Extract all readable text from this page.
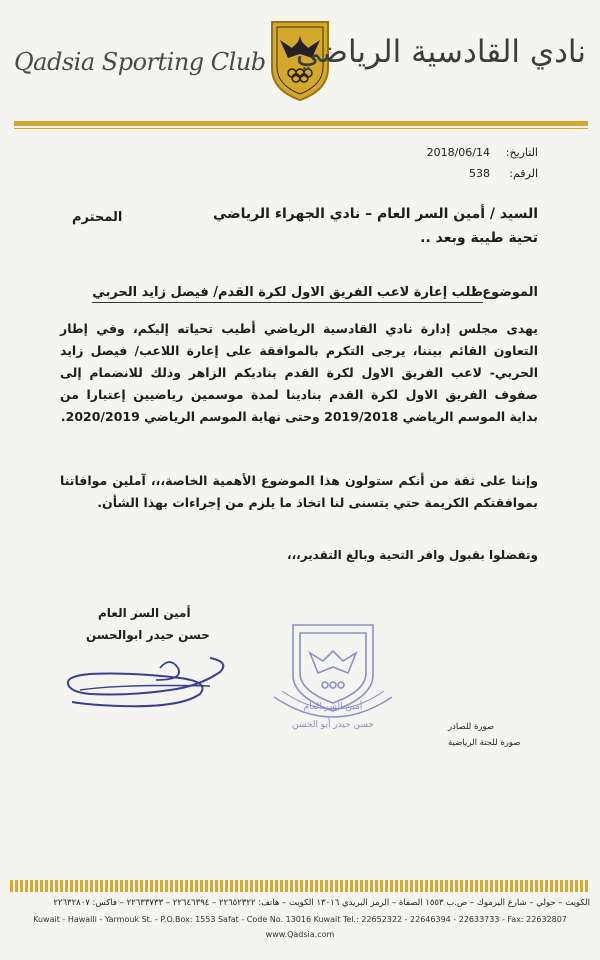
Qadsia Sporting Club نادي القادسية الرياضي
التاريخ:
2018/06/14
الرقم:
538
السيد / أمين السر العام – نادي الجهراء الرياضي
المحترم
تحية طيبة وبعد ..
الموضوع :
طلب إعارة لاعب الفريق الاول لكرة القدم/ فيصل زايد الحربي
يهدى مجلس إدارة نادي القادسية الرياضي أطيب تحياته إليكم، وفي إطار التعاون القائم بيننا، يرجى التكرم بالموافقة على إعارة اللاعب/ فيصل زايد الحربي- لاعب الفريق الاول لكرة القدم بناديكم الزاهر وذلك للانضمام إلى صفوف الفريق الاول لكرة القدم بنادينا لمدة موسمين رياضيين إعتبارا من بداية الموسم الرياضي 2019/2018 وحتى نهاية الموسم الرياضي 2020/2019.
وإننا على ثقة من أنكم ستولون هذا الموضوع الأهمية الخاصة،،، آملين موافاتنا بموافقتكم الكريمة حتي يتسنى لنا اتخاذ ما يلزم من إجراءات بهذا الشأن.
وتفضلوا بقبول وافر التحية وبالغ التقدير،،،
أمين السر العام
حسن حيدر ابوالحسن
أمين السر العام
حسن حيدر أبو الحسن	صورة للصادر
صورة للجنة الرياضية
الكويت – حولي – شارع اليرموك – ص.ب ١٥٥٣ الصفاة – الرمز البريدي ١٣٠١٦ الكويت – هاتف: ٢٢٦٥٢٣٢٢ – ٢٢٦٤٦٣٩٤ – ٢٢٦٣٣٧٣٣ – فاكس: ٢٢٦٣٢٨٠٧
Kuwait - Hawalli - Yarmouk St. - P.O.Box: 1553 Safat - Code No. 13016 Kuwait Tel.: 22652322 - 22646394 - 22633733 - Fax: 22632807
www.Qadsia.com
